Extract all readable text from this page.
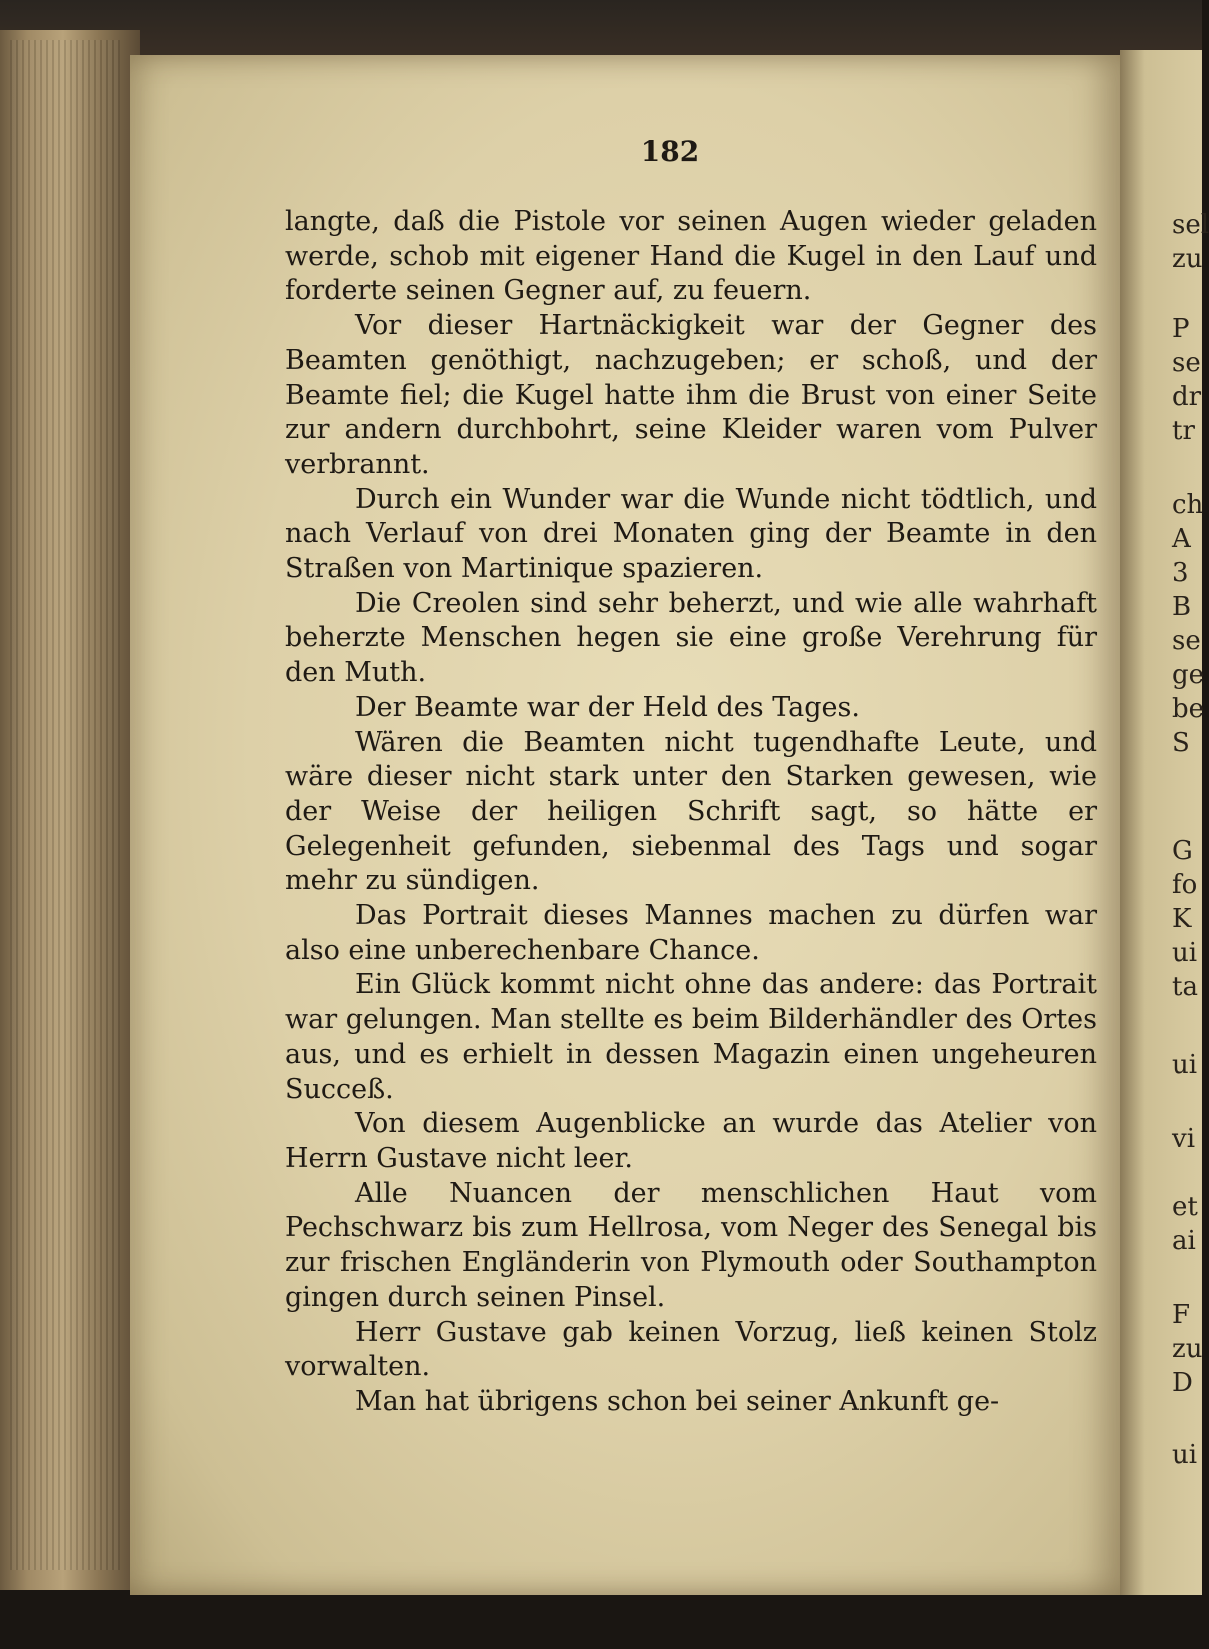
182

langte, daß die Pistole vor seinen Augen wieder geladen werde, schob mit eigener Hand die Kugel in den Lauf und forderte seinen Gegner auf, zu feuern.

Vor dieser Hartnäckigkeit war der Gegner des Beamten genöthigt, nachzugeben; er schoß, und der Beamte fiel; die Kugel hatte ihm die Brust von einer Seite zur andern durchbohrt, seine Kleider waren vom Pulver verbrannt.

Durch ein Wunder war die Wunde nicht tödtlich, und nach Verlauf von drei Monaten ging der Beamte in den Straßen von Martinique spazieren.

Die Creolen sind sehr beherzt, und wie alle wahrhaft beherzte Menschen hegen sie eine große Verehrung für den Muth.

Der Beamte war der Held des Tages.

Wären die Beamten nicht tugendhafte Leute, und wäre dieser nicht stark unter den Starken gewesen, wie der Weise der heiligen Schrift sagt, so hätte er Gelegenheit gefunden, siebenmal des Tags und sogar mehr zu sündigen.

Das Portrait dieses Mannes machen zu dürfen war also eine unberechenbare Chance.

Ein Glück kommt nicht ohne das andere: das Portrait war gelungen. Man stellte es beim Bilderhändler des Ortes aus, und es erhielt in dessen Magazin einen ungeheuren Succeß.

Von diesem Augenblicke an wurde das Atelier von Herrn Gustave nicht leer.

Alle Nuancen der menschlichen Haut vom Pechschwarz bis zum Hellrosa, vom Neger des Senegal bis zur frischen Engländerin von Plymouth oder Southampton gingen durch seinen Pinsel.

Herr Gustave gab keinen Vorzug, ließ keinen Stolz vorwalten.

Man hat übrigens schon bei seiner Ankunft ge-

sel
zu
P
se
dr
tr
ch
A
3
B
se
ge
be
S
G
fo
K
ui
ta
ui
vi
et
ai
F
zu
D
ui
